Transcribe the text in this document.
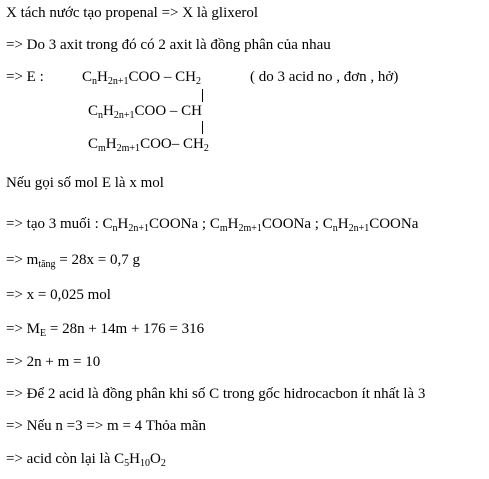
X tách nước tạo propenal => X là glixerol
=> Do 3 axit trong đó có 2 axit là đồng phân của nhau
=> E :	$C_nH_{2n+1}COO - CH_2$	( do 3 acid no , đơn , hở)
$C_nH_{2n+1}COO$ – CH
$C_mH_{2m+1}COO-$ $CH_2$
Nếu gọi số mol E là x mol
=> tạo 3 muối : $C_nH_{2n+1}COONa$ ; $C_mH_{2m+1}COONa$ ; $C_nH_{2n+1}COONa$
=> $m_{tăng} = 28x = 0,7$ g
=> x = 0,025 mol
=> $M_E = 28n + 14m + 176 = 316$
=> 2n + m = 10
=> Để 2 acid là đồng phân khi số C trong gốc hidrocacbon ít nhất là 3
=> Nếu n =3 => m = 4 Thỏa mãn
=> acid còn lại là $C_5H_{10}O_2$
